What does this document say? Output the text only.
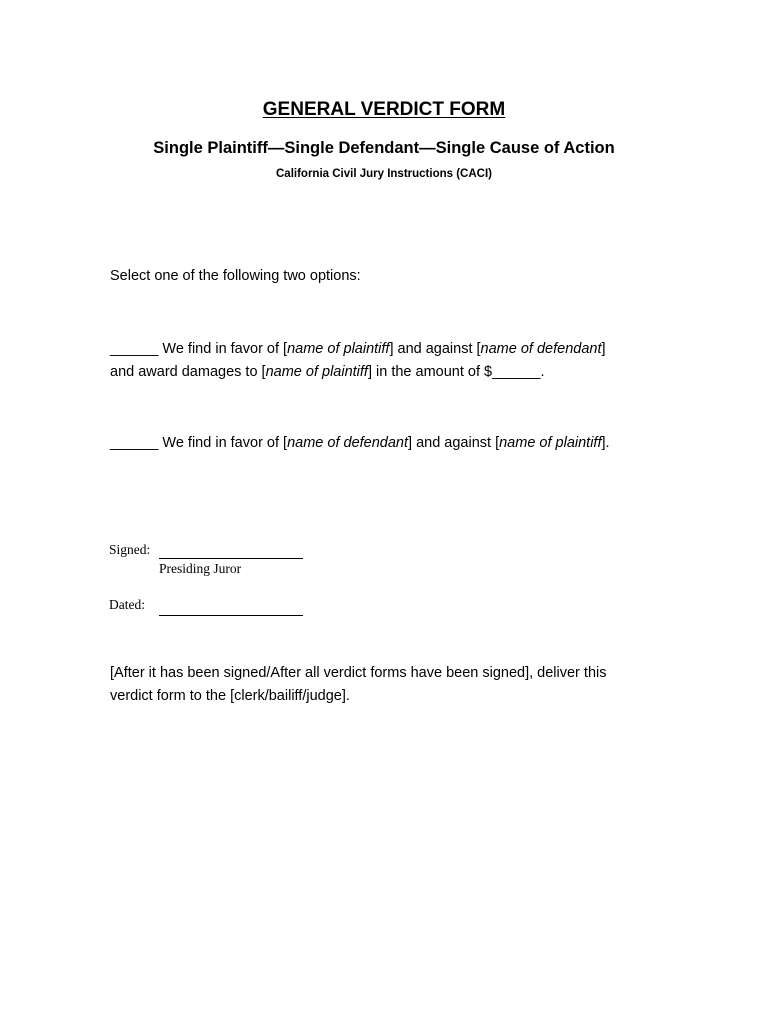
GENERAL VERDICT FORM
Single Plaintiff—Single Defendant—Single Cause of Action
California Civil Jury Instructions (CACI)
Select one of the following two options:
______ We find in favor of [name of plaintiff] and against [name of defendant]
and award damages to [name of plaintiff] in the amount of $______.
______ We find in favor of [name of defendant] and against [name of plaintiff].
Signed:
Presiding Juror
Dated:
[After it has been signed/After all verdict forms have been signed], deliver this
verdict form to the [clerk/bailiff/judge].
